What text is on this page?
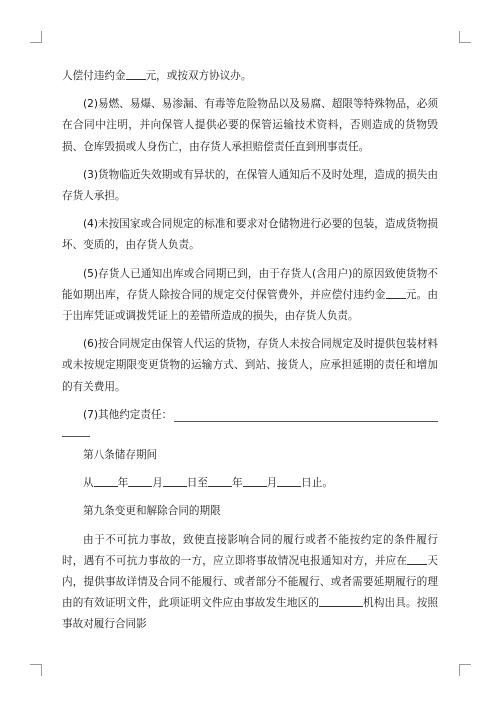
人偿付违约金 元，或按双方协议办。

(2)易燃、易爆、易渗漏、有毒等危险物品以及易腐、超限等特殊物品，必须在合同中注明，并向保管人提供必要的保管运输技术资料，否则造成的货物毁损、仓库毁损或人身伤亡，由存货人承担赔偿责任直到刑事责任。

(3)货物临近失效期或有异状的，在保管人通知后不及时处理，造成的损失由存货人承担。

(4)未按国家或合同规定的标准和要求对仓储物进行必要的包装，造成货物损坏、变质的，由存货人负责。

(5)存货人已通知出库或合同期已到，由于存货人(含用户)的原因致使货物不能如期出库，存货人除按合同的规定交付保管费外，并应偿付违约金 元。由于出库凭证或调拨凭证上的差错所造成的损失，由存货人负责。

(6)按合同规定由保管人代运的货物，存货人未按合同规定及时提供包装材料或未按规定期限变更货物的运输方式、到站、接货人，应承担延期的责任和增加的有关费用。

(7)其他约定责任：

第八条储存期间

从 年 月 日至 年 月 日止。

第九条变更和解除合同的期限

由于不可抗力事故，致使直接影响合同的履行或者不能按约定的条件履行时，遇有不可抗力事故的一方，应立即将事故情况电报通知对方，并应在 天内，提供事故详情及合同不能履行、或者部分不能履行、或者需要延期履行的理由的有效证明文件，此项证明文件应由事故发生地区的	机构出具。按照事故对履行合同影
